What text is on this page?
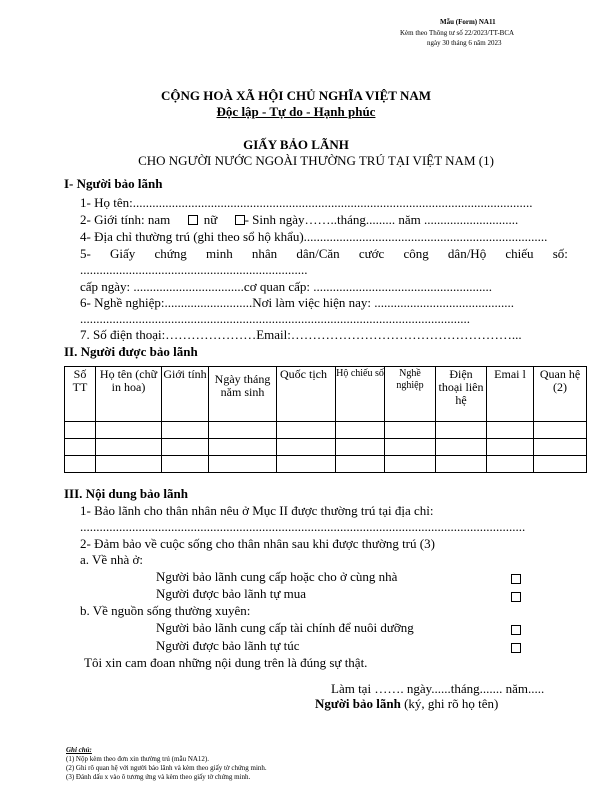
Mẫu (Form) NA11
Kèm theo Thông tư số 22/2023/TT-BCA
ngày 30 tháng 6 năm 2023
CỘNG HOÀ XÃ HỘI CHỦ NGHĨA VIỆT NAM
Độc lập - Tự do - Hạnh phúc
GIẤY BẢO LÃNH
CHO NGƯỜI NƯỚC NGOÀI THƯỜNG TRÚ TẠI VIỆT NAM (1)
I- Người bảo lãnh
1- Họ tên:...........................................................................................................................
2- Giới tính: nam	nữ - Sinh ngày……..tháng......... năm .............................
4- Địa chỉ thường trú (ghi theo sổ hộ khẩu)...........................................................................
5- Giấy chứng minh nhân dân/Căn cước công dân/Hộ chiếu số:
......................................................................
cấp ngày: ..................................cơ quan cấp: .......................................................
6- Nghề nghiệp:...........................Nơi làm việc hiện nay: ...........................................
........................................................................................................................
7. Số điện thoại:…………………Email:……………………………………………...
II. Người được bảo lãnh
Số TT	Họ tên (chữ in hoa)	Giới tính	Ngày tháng năm sinh	Quốc tịch	Hộ chiếu số	Nghề nghiệp	Điện thoại liên hệ	Emai l	Quan hệ (2)

III. Nội dung bảo lãnh
1- Bảo lãnh cho thân nhân nêu ở Mục II được thường trú tại địa chỉ:
.........................................................................................................................................
2- Đảm bảo về cuộc sống cho thân nhân sau khi được thường trú (3)
a. Về nhà ở:
Người bảo lãnh cung cấp hoặc cho ở cùng nhà
Người được bảo lãnh tự mua
b. Về nguồn sống thường xuyên:
Người bảo lãnh cung cấp tài chính để nuôi dưỡng
Người được bảo lãnh tự túc
Tôi xin cam đoan những nội dung trên là đúng sự thật.
Làm tại ……. ngày......tháng....... năm.....
Người bảo lãnh (ký, ghi rõ họ tên)
Ghi chú:
(1) Nộp kèm theo đơn xin thường trú (mẫu NA12).
(2) Ghi rõ quan hệ với người bảo lãnh và kèm theo giấy tờ chứng minh.
(3) Đánh dấu x vào ô tương ứng và kèm theo giấy tờ chứng minh.
